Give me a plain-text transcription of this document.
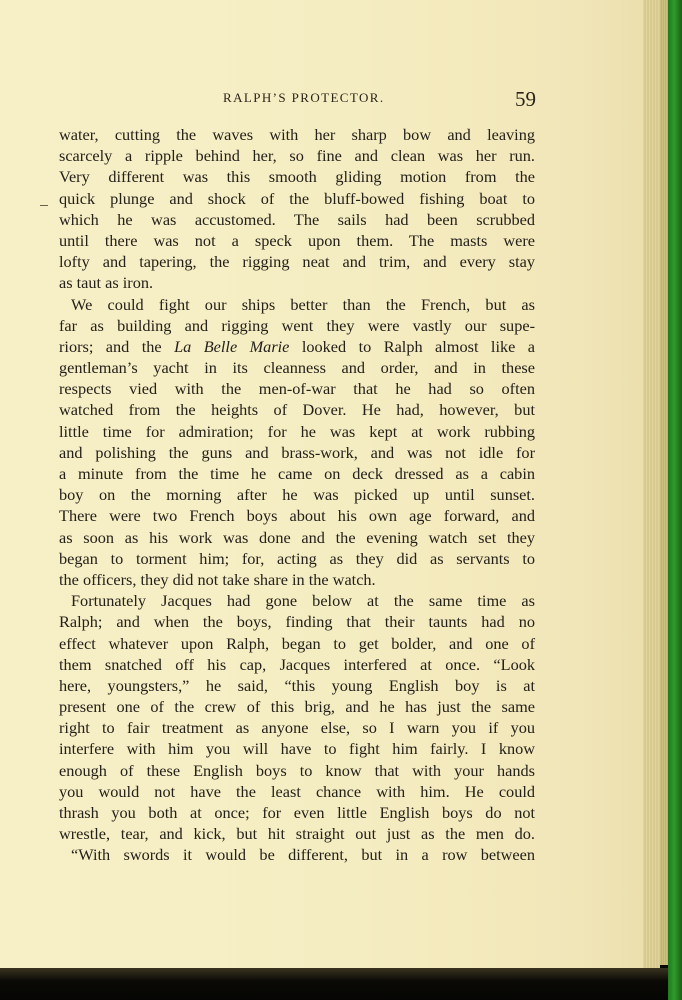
RALPH’S PROTECTOR.	59
water, cutting the waves with her sharp bow and leaving
scarcely a ripple behind her, so fine and clean was her run.
Very different was this smooth gliding motion from the
quick plunge and shock of the bluff-bowed fishing boat to
which he was accustomed. The sails had been scrubbed
until there was not a speck upon them. The masts were
lofty and tapering, the rigging neat and trim, and every stay
as taut as iron.
We could fight our ships better than the French, but as
far as building and rigging went they were vastly our supe-
riors; and the La Belle Marie looked to Ralph almost like a
gentleman’s yacht in its cleanness and order, and in these
respects vied with the men-of-war that he had so often
watched from the heights of Dover. He had, however, but
little time for admiration; for he was kept at work rubbing
and polishing the guns and brass-work, and was not idle for
a minute from the time he came on deck dressed as a cabin
boy on the morning after he was picked up until sunset.
There were two French boys about his own age forward, and
as soon as his work was done and the evening watch set they
began to torment him; for, acting as they did as servants to
the officers, they did not take share in the watch.
Fortunately Jacques had gone below at the same time as
Ralph; and when the boys, finding that their taunts had no
effect whatever upon Ralph, began to get bolder, and one of
them snatched off his cap, Jacques interfered at once. “Look
here, youngsters,” he said, “this young English boy is at
present one of the crew of this brig, and he has just the same
right to fair treatment as anyone else, so I warn you if you
interfere with him you will have to fight him fairly. I know
enough of these English boys to know that with your hands
you would not have the least chance with him. He could
thrash you both at once; for even little English boys do not
wrestle, tear, and kick, but hit straight out just as the men do.
“With swords it would be different, but in a row between
